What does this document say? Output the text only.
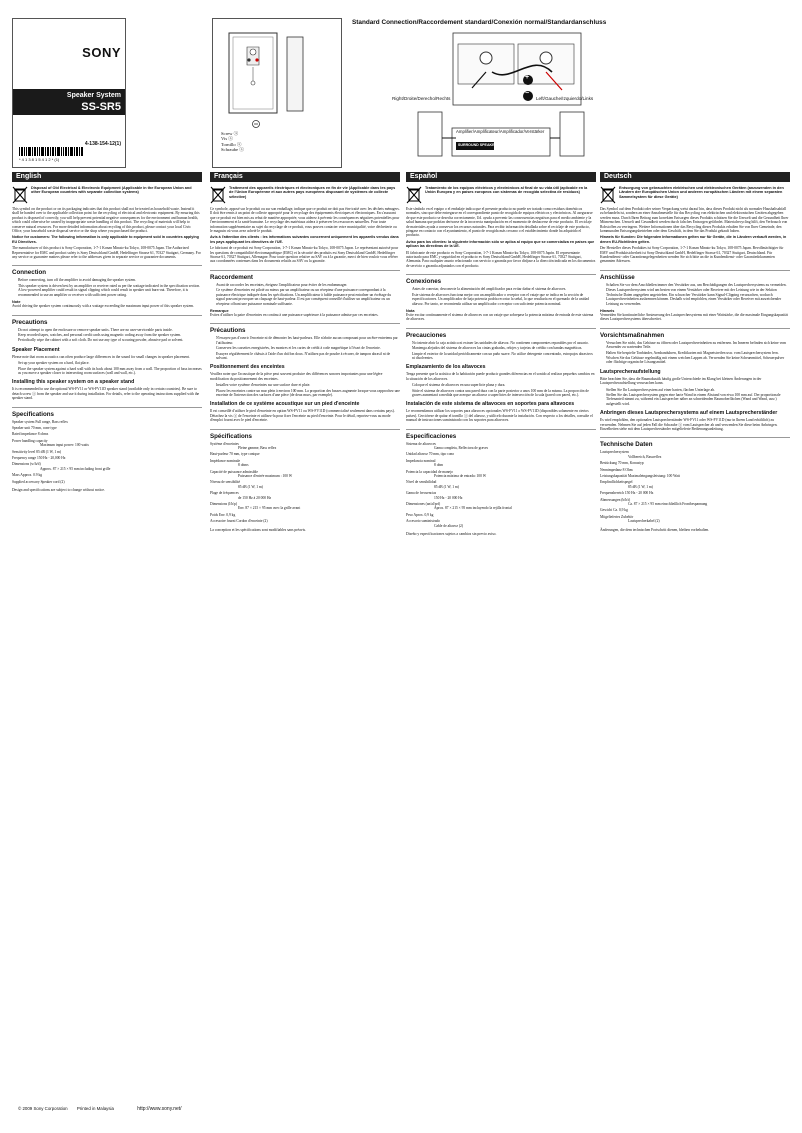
SONY
Speaker System
SS-SR5
4-138-154-12(1)
* 4 1 3 8 1 5 4 1 2 * (1)
Screw ⓐ
Vis ⓐ
Tornillo ⓐ
Schraube ⓐ
Standard Connection/Raccordement standard/Conexión normal/Standardanschluss
+
−
Right/Droite/Derecho/Rechts	Left/Gauche/Izquierdo/Links
Amplifier/Amplificateur/Amplificador/Verstärker
SURROUND SPEAKER
English
Disposal of Old Electrical & Electronic Equipment (Applicable in the European Union and other European countries with separate collection systems)

This symbol on the product or on its packaging indicates that this product shall not be treated as household waste. Instead it shall be handed over to the applicable collection point for the recycling of electrical and electronic equipment. By ensuring this product is disposed of correctly, you will help prevent potential negative consequences for the environment and human health, which could otherwise be caused by inappropriate waste handling of this product. The recycling of materials will help to conserve natural resources. For more detailed information about recycling of this product, please contact your local Civic Office, your household waste disposal service or the shop where you purchased the product.

Notice for customers: The following information is only applicable to equipment sold in countries applying EU Directives.

The manufacturer of this product is Sony Corporation, 1-7-1 Konan Minato-ku Tokyo, 108-0075 Japan. The Authorized Representative for EMC and product safety is Sony Deutschland GmbH, Hedelfinger Strasse 61, 70327 Stuttgart, Germany. For any service or guarantee matters please refer to the addresses given in separate service or guarantee documents.

Connection
• Before connecting, turn off the amplifier to avoid damaging the speaker system.
• This speaker system is driven best by an amplifier or receiver rated as per the wattage indicated in the specification section. A low-powered amplifier could result in signal clipping which could result in speaker unit burn-out. Therefore, it is recommended to use an amplifier or receiver with sufficient power rating.
Note

Avoid driving the speaker system continuously with a wattage exceeding the maximum input power of this speaker system.

Precautions
• Do not attempt to open the enclosure or remove speaker units. There are no user-serviceable parts inside.
• Keep recorded tapes, watches, and personal credit cards using magnetic coding away from the speaker system.
• Periodically wipe the cabinet with a soft cloth. Do not use any type of scouring powder, abrasive pad or solvent.
Speaker Placement

Please note that room acoustics can often produce large differences in the sound for small changes in speaker placement.

• Set up your speaker system on a hard, flat place.
• Place the speaker system against a hard wall with its back about 100 mm away from a wall. The proportion of bass increases as you move a speaker closer to intersecting room surfaces (wall and wall, etc.).
Installing this speaker system on a speaker stand

It is recommended to use the optional WS-FV11 or WS-FV11D speaker stand (available only in certain countries). Be sure to detach screw ⓐ from the speaker and use it during installation. For details, refer to the operating instructions supplied with the speaker stand.

Specifications
Speaker system Full range, Bass reflex
Speaker unit 70 mm, cone type
Rated impedance 8 ohms
Power handling capacity
Maximum input power: 100 watts
Sensitivity level 85 dB (1 W, 1 m)
Frequency range 150 Hz - 20,000 Hz
Dimensions (w/h/d)
Approx. 87 × 215 × 95 mm including front grille
Mass Approx. 0.9 kg
Supplied accessory Speaker cord (2)

Design and specifications are subject to change without notice.

Français
Traitement des appareils électriques et électroniques en fin de vie (Applicable dans les pays de l'Union Européenne et aux autres pays européens disposant de systèmes de collecte sélective)

Ce symbole, apposé sur le produit ou sur son emballage, indique que ce produit ne doit pas être traité avec les déchets ménagers. Il doit être remis à un point de collecte approprié pour le recyclage des équipements électriques et électroniques. En s'assurant que ce produit est bien mis au rebut de manière appropriée, vous aiderez à prévenir les conséquences négatives potentielles pour l'environnement et la santé humaine. Le recyclage des matériaux aidera à préserver les ressources naturelles. Pour toute information supplémentaire au sujet du recyclage de ce produit, vous pouvez contacter votre municipalité, votre déchetterie ou le magasin où vous avez acheté le produit.

Avis à l'attention des clients : les informations suivantes concernent uniquement les appareils vendus dans les pays appliquant les directives de l'UE.

Le fabricant de ce produit est Sony Corporation, 1-7-1 Konan Minato-ku Tokyo, 108-0075 Japon. Le représentant autorisé pour les questions de compatibilité électromagnétique (EMC) et la sécurité des produits est Sony Deutschland GmbH, Hedelfinger Strasse 61, 70327 Stuttgart, Allemagne. Pour toute question relative au SAV ou à la garantie, merci de bien vouloir vous référer aux coordonnées contenues dans les documents relatifs au SAV ou la garantie.

Raccordement
• Avant de raccorder les enceintes, éteignez l'amplificateur pour éviter de les endommager.
• Ce système d'enceintes est piloté au mieux par un amplificateur ou un récepteur d'une puissance correspondant à la puissance électrique indiquée dans les spécifications. Un amplificateur à faible puissance peut entraîner un écrêtage du signal pouvant provoquer un claquage de haut-parleur. Il est par conséquent conseillé d'utiliser un amplificateur ou un récepteur offrant une puissance nominale suffisante.
Remarque

Evitez d'utiliser la paire d'enceintes en continu à une puissance supérieure à la puissance admise par ces enceintes.

Précautions
• N'essayez pas d'ouvrir l'enceinte ni de démonter les haut-parleurs. Elle n'abrite aucun composant pour un être-entretenu par l'utilisateur.
• Conservez les cassettes enregistrées, les montres et les cartes de crédit à code magnétique à l'écart de l'enceinte.
• Essuyez régulièrement le châssis à l'aide d'un chiffon doux. N'utilisez pas de poudre à récurer, de tampon abrasif ni de solvant.
Positionnement des enceintes

Veuillez noter que l'acoustique de la pièce peut souvent produire des différences sonores importantes pour une légère modification du positionnement des enceintes.

• Installez votre système d'enceintes sur une surface dure et plate.
• Placez les enceintes contre un mur plein à environ 100 mm. La proportion des basses augmente lorsque vous rapprochez une enceinte de l'intersection des surfaces d'une pièce (de deux murs, par exemple).
Installation de ce système acoustique sur un pied d'enceinte

Il est conseillé d'utiliser le pied d'enceinte en option WS-FV11 ou WS-FV11D (commercialisé seulement dans certains pays). Détachez la vis ⓐ de l'enceinte et utilisez-la pour fixer l'enceinte au pied d'enceinte. Pour le détail, reportez-vous au mode d'emploi fourni avec le pied d'enceinte.

Spécifications
Système d'enceintes
Pleine gamme, Bass reflex
Haut-parleur 70 mm, type conique
Impédance nominale
8 ohms
Capacité de puissance admissible
Puissance d'entrée maximum : 100 W
Niveau de sensibilité
85 dB (1 W, 1 m)
Plage de fréquences
de 150 Hz à 20 000 Hz
Dimensions (l/h/p)
Env. 87 × 215 × 95 mm avec la grille avant
Poids Env. 0,9 kg
Accessoire fourni Cordon d'enceinte (2)

La conception et les spécifications sont modifiables sans préavis.

Español
Tratamiento de los equipos eléctricos y electrónicos al final de su vida útil (aplicable en la Unión Europea y en países europeos con sistemas de recogida selectiva de residuos)

Este símbolo en el equipo o el embalaje indica que el presente producto no puede ser tratado como residuos domésticos normales, sino que debe entregarse en el correspondiente punto de recogida de equipos eléctricos y electrónicos. Al asegurarse de que este producto se desecha correctamente, Ud. ayuda a prevenir las consecuencias negativas para el medio ambiente y la salud humana que podrían derivarse de la incorrecta manipulación en el momento de deshacerse de este producto. El reciclaje de materiales ayuda a conservar los recursos naturales. Para recibir información detallada sobre el reciclaje de este producto, póngase en contacto con el ayuntamiento, el punto de recogida más cercano o el establecimiento donde ha adquirido el producto.

Aviso para los clientes: la siguiente información sólo se aplica al equipo que se comercializa en países que aplican las directivas de la UE.

El fabricante de este producto es Sony Corporation, 1-7-1 Konan Minato-ku Tokyo, 108-0075 Japón. El representante autorizado para EMC y seguridad en el producto es Sony Deutschland GmbH, Hedelfinger Strasse 61, 70327 Stuttgart, Alemania. Para cualquier asunto relacionado con servicio o garantía por favor diríjase a la dirección indicada en los documentos de servicio o garantía adjuntados con el producto.

Conexiones
• Antes de conectar, desconecte la alimentación del amplificador para evitar dañar el sistema de altavoces.
• Este sistema de altavoces funciona mejor con un amplificador o receptor con el vataje que se indica en la sección de especificaciones. Un amplificador de baja potencia podría recortar la señal, lo que resultaría en el quemado de la unidad altavoz. Por tanto, se recomienda utilizar un amplificador o receptor con suficiente potencia nominal.
Nota

Evite excitar continuamente el sistema de altavoces con un vataje que sobrepase la potencia máxima de entrada de este sistema de altavoces.

Precauciones
• No intente abrir la caja acústica ni extraer las unidades de altavoz. No contienen componentes reparables por el usuario.
• Mantenga alejados del sistema de altavoces las cintas grabadas, relojes y tarjetas de crédito con bandas magnéticas.
• Limpie el exterior de la unidad periódicamente con un paño suave. No utilice detergente concentrado, estropajos abrasivos ni disolventes.
Emplazamiento de los altavoces

Tenga presente que la acústica de la habitación puede producir grandes diferencias en el sonido al realizar pequeños cambios en la situación de los altavoces.

• Coloque el sistema de altavoces en una superficie plana y dura.
• Sitúe el sistema de altavoces contra una pared dura con la parte posterior a unos 100 mm de la misma. La proporción de graves aumentará a medida que acerque un altavoz a superficies de intersección de la sala (pared con pared, etc.).
Instalación de este sistema de altavoces en soportes para altavoces

Le recomendamos utilizar los soportes para altavoces opcionales WS-FV11 o WS-FV11D (disponibles solamente en ciertos países). Cerciórese de quitar el tornillo ⓐ del altavoz, y utilícelo durante la instalación. Con respecto a los detalles, consulte el manual de instrucciones suministrado con los soportes para altavoces.

Especificaciones
Sistema de altavoces
Gama completa, Reflectora de graves
Unidad altavoz 70 mm, tipo cono
Impedancia nominal
8 ohm
Potencia la capacidad de manejo
Potencia máxima de entrada: 100 W
Nivel de sensibilidad
85 dB (1 W, 1 m)
Gama de frecuencias
150 Hz - 20 000 Hz
Dimensiones (an/al/prf)
Aprox. 87 × 215 × 95 mm incluyendo la rejilla frontal
Peso Aprox. 0,9 kg
Accesorio suministrado
Cable de altavoz (2)

Diseño y especificaciones sujetos a cambios sin previo aviso.

Deutsch
Entsorgung von gebrauchten elektrischen und elektronischen Geräten (anzuwenden in den Ländern der Europäischen Union und anderen europäischen Ländern mit einem separaten Sammelsystem für diese Geräte)

Das Symbol auf dem Produkt oder seiner Verpackung weist darauf hin, dass dieses Produkt nicht als normaler Haushaltsabfall zu behandeln ist, sondern an einer Annahmestelle für das Recycling von elektrischen und elektronischen Geräten abgegeben werden muss. Durch Ihren Beitrag zum korrekten Entsorgen dieses Produkts schützen Sie die Umwelt und die Gesundheit Ihrer Mitmenschen. Umwelt und Gesundheit werden durch falsches Entsorgen gefährdet. Materialrecycling hilft, den Verbrauch von Rohstoffen zu verringern. Weitere Informationen über das Recycling dieses Produkts erhalten Sie von Ihrer Gemeinde, den kommunalen Entsorgungsbetrieben oder dem Geschäft, in dem Sie das Produkt gekauft haben.

Hinweis für Kunden: Die folgenden Informationen gelten nur für Geräte, die in Ländern verkauft werden, in denen EU-Richtlinien gelten.

Der Hersteller dieses Produktes ist Sony Corporation, 1-7-1 Konan Minato-ku Tokyo, 108-0075 Japan. Bevollmächtigter für EMV und Produktsicherheit ist Sony Deutschland GmbH, Hedelfinger Strasse 61, 70327 Stuttgart, Deutschland. Für Kundendienst- oder Garantieangelegenheiten wenden Sie sich bitte an die in Kundendienst- oder Garantiedokumenten genannten Adressen.

Anschlüsse
• Schalten Sie vor dem Anschließen immer den Verstärker aus, um Beschädigungen des Lautsprechersystems zu vermeiden.
• Dieses Lautsprechersystem wird am besten von einem Verstärker oder Receiver mit der Leistung wie in der Sektion Technische Daten angegeben angetrieben. Ein schwacher Verstärker kann Signal-Clipping verursachen, wodurch Lautsprechereinheiten ausbrennen können. Deshalb wird empfohlen, einen Verstärker oder Receiver mit ausreichender Leistung zu verwenden.
Hinweis

Vermeiden Sie kontinuierliche Ansteuerung des Lautsprechersystems mit einer Wattstärke, die die maximale Eingangskapazität dieses Lautsprechersystems überschreitet.

Vorsichtsmaßnahmen
• Versuchen Sie nicht, das Gehäuse zu öffnen oder Lautsprechereinheiten zu entfernen. Im Inneren befinden sich keine vom Anwender zu wartenden Teile.
• Halten Sie bespielte Tonbänder, Armbanduhren, Kreditkarten mit Magnetstreifen usw. vom Lautsprechersystem fern.
• Wischen Sie das Gehäuse regelmäßig mit einem weichen Lappen ab. Verwenden Sie keine Scheuermittel, Scheuerpulver oder flüchtige organische Lösungsmittel.
Lautsprecheraufstellung

Bitte beachten Sie, dass die Raumakustik häufig große Unterschiede im Klang bei kleinen Änderungen in der Lautsprecheraufstellung verursachen kann.

• Stellen Sie Ihr Lautsprechersystem auf einer harten, flachen Unterlage ab.
• Stellen Sie das Lautsprechersystem gegen eine harte Wand in einem Abstand von etwa 100 mm auf. Der proportionale Tiefenanteil nimmt zu, während ein Lautsprecher näher an schneidenden Raumoberflächen (Wand und Wand, usw.) aufgestellt wird.
Anbringen dieses Lautsprechersystems auf einem Lautsprecherständer

Es wird empfohlen, den optionalen Lautsprecherständer WS-FV11 oder WS-FV11D (nur in Ihrem Land erhältlich) zu verwenden. Nehmen Sie auf jeden Fall die Schraube ⓐ vom Lautsprecher ab und verwenden Sie diese beim Anbringen. Einzelheiten siehe mit dem Lautsprecherständer mitgelieferte Bedienungsanleitung.

Technische Daten
Lautsprechersystem
Vollbereich, Bassreflex
Bestückung 70 mm, Konustyp
Nennimpedanz 8 Ohm
Leistungskapazität Maximaleingangsleistung: 100 Watt
Empfindlichkeitspegel
85 dB (1 W, 1 m)
Frequenzbereich 150 Hz - 20 000 Hz
Abmessungen (b/h/t)
Ca. 87 × 215 × 95 mm einschließlich Frontbespannung
Gewicht Ca. 0,9 kg
Mitgeliefertes Zubehör
Lautsprecherkabel (2)

Änderungen, die dem technischen Fortschritt dienen, bleiben vorbehalten.

© 2009 Sony Corporation Printed in Malaysia	http://www.sony.net/
